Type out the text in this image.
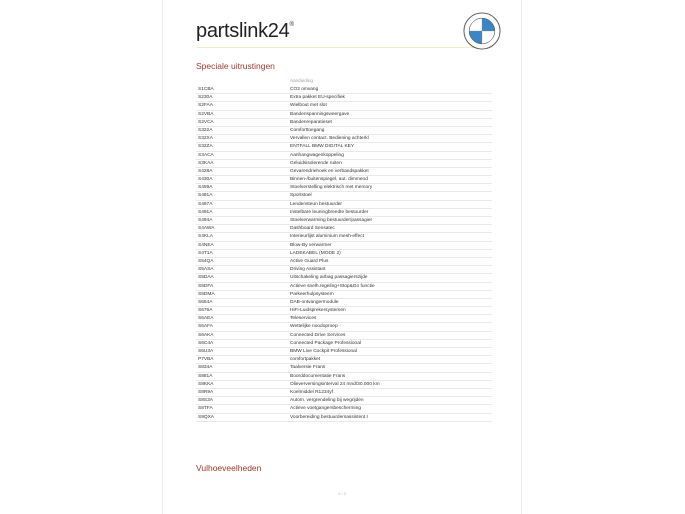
partslink24®
Speciale uitrustingen
Aanduiding
S1CBA	CO2 omvang
S230A	Extra pakket EU-specifiek
S2FAA	Wielbout met slot
S2VBA	Bandenspanningsweergave
S2VCA	Bandenreparatieset
S322A	Comforttoegang
S32XA	Vervallen contact. Bediening achterkl
S32ZA	ENTFALL BMW DIGITAL KEY
S3ACA	Aanhangwagenkoppeling
S3KAA	Geluidsisolerende ruiten
S428A	Gevarendriehoek en verbandspakket
S430A	Binnen-/buitenspiegel, aut. dimmend
S459A	Stoelverstelling elektrisch met memory
S481A	Sportstoel
S487A	Lendensteun bestuurder
S491A	Instelbare leuningbreedte bestuurder
S494A	Stoelverwarming bestuurder/passagier
S4AWA	Dashboard Sensatec
S4KLA	Interieurlijst aluminium mesh-effect
S4NEA	Blow-By verwarmer
S4T1A	LADEKABEL (MODE 2)
S54QA	Active Guard Plus
S5ASA	Driving Assistant
S5DAA	Uitschakeling airbag passagierszijde
S5DFA	Actieve snelh.regeling+Stop&Go functie
S5DMA	Parkeerhulpsysteem
S654A	DAB-ontvangermodule
S676A	HiFi-Luidsprekersystemen
S6AEA	Teleservices
S6AFA	Wettelijke noodoproep
S6AKA	Connected Drive Services
S6C4A	Connected Package Professional
S6U3A	BMW Live Cockpit Professional
P7VBA	comfortpakket
S834A	Taalversie Frans
S881A	Boorddocumentatie Frans
S8KKA	Olieverversingsinterval 24 mnd/30.000 km
S8R9A	Koelmiddel R1234yf
S8S3A	Autom. vergrendeling bij wegrijden
S8TFA	Actieve voetgangersbescherming
S9QXA	Voorbereiding bestuurdersassistent I
Vulhoeveelheden
2 / 3
